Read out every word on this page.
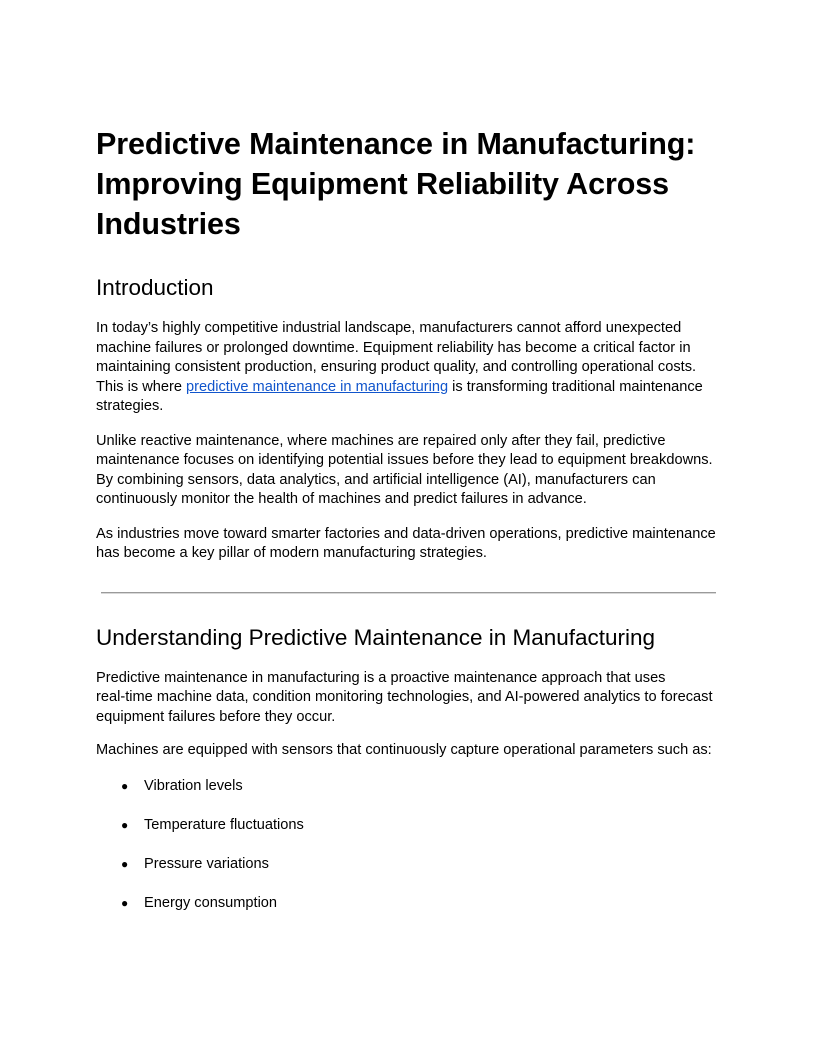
Predictive Maintenance in Manufacturing:
Improving Equipment Reliability Across
Industries
Introduction

In today’s highly competitive industrial landscape, manufacturers cannot afford unexpected
machine failures or prolonged downtime. Equipment reliability has become a critical factor in
maintaining consistent production, ensuring product quality, and controlling operational costs.
This is where predictive maintenance in manufacturing is transforming traditional maintenance
strategies.

Unlike reactive maintenance, where machines are repaired only after they fail, predictive
maintenance focuses on identifying potential issues before they lead to equipment breakdowns.
By combining sensors, data analytics, and artificial intelligence (AI), manufacturers can
continuously monitor the health of machines and predict failures in advance.

As industries move toward smarter factories and data-driven operations, predictive maintenance
has become a key pillar of modern manufacturing strategies.

Understanding Predictive Maintenance in Manufacturing

Predictive maintenance in manufacturing is a proactive maintenance approach that uses
real-time machine data, condition monitoring technologies, and AI-powered analytics to forecast
equipment failures before they occur.

Machines are equipped with sensors that continuously capture operational parameters such as:

● Vibration levels
● Temperature fluctuations
● Pressure variations
● Energy consumption
